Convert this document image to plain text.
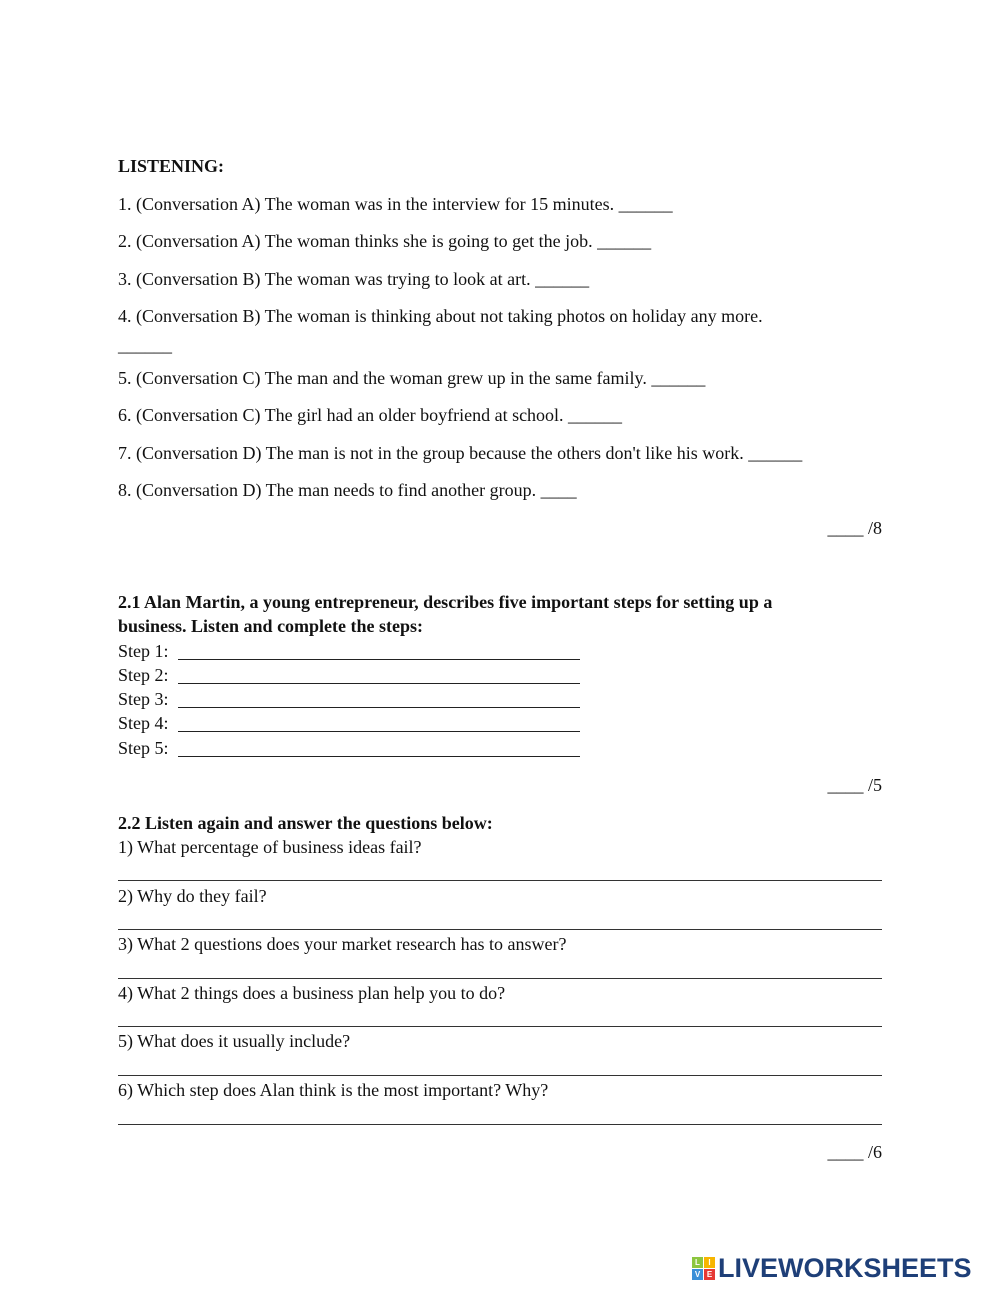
LISTENING:
1. (Conversation A) The woman was in the interview for 15 minutes. ______
2. (Conversation A) The woman thinks she is going to get the job. ______
3. (Conversation B) The woman was trying to look at art. ______
4. (Conversation B) The woman is thinking about not taking photos on holiday any more.
______
5. (Conversation C) The man and the woman grew up in the same family. ______
6. (Conversation C) The girl had an older boyfriend at school. ______
7. (Conversation D) The man is not in the group because the others don't like his work. ______
8. (Conversation D) The man needs to find another group. ____
____ /8
2.1 Alan Martin, a young entrepreneur, describes five important steps for setting up a
business. Listen and complete the steps:
Step 1:
Step 2:
Step 3:
Step 4:
Step 5:
____ /5
2.2 Listen again and answer the questions below:
1) What percentage of business ideas fail?
2) Why do they fail?
3) What 2 questions does your market research has to answer?
4) What 2 things does a business plan help you to do?
5) What does it usually include?
6) Which step does Alan think is the most important? Why?
____ /6
L	I
V E LIVEWORKSHEETS
